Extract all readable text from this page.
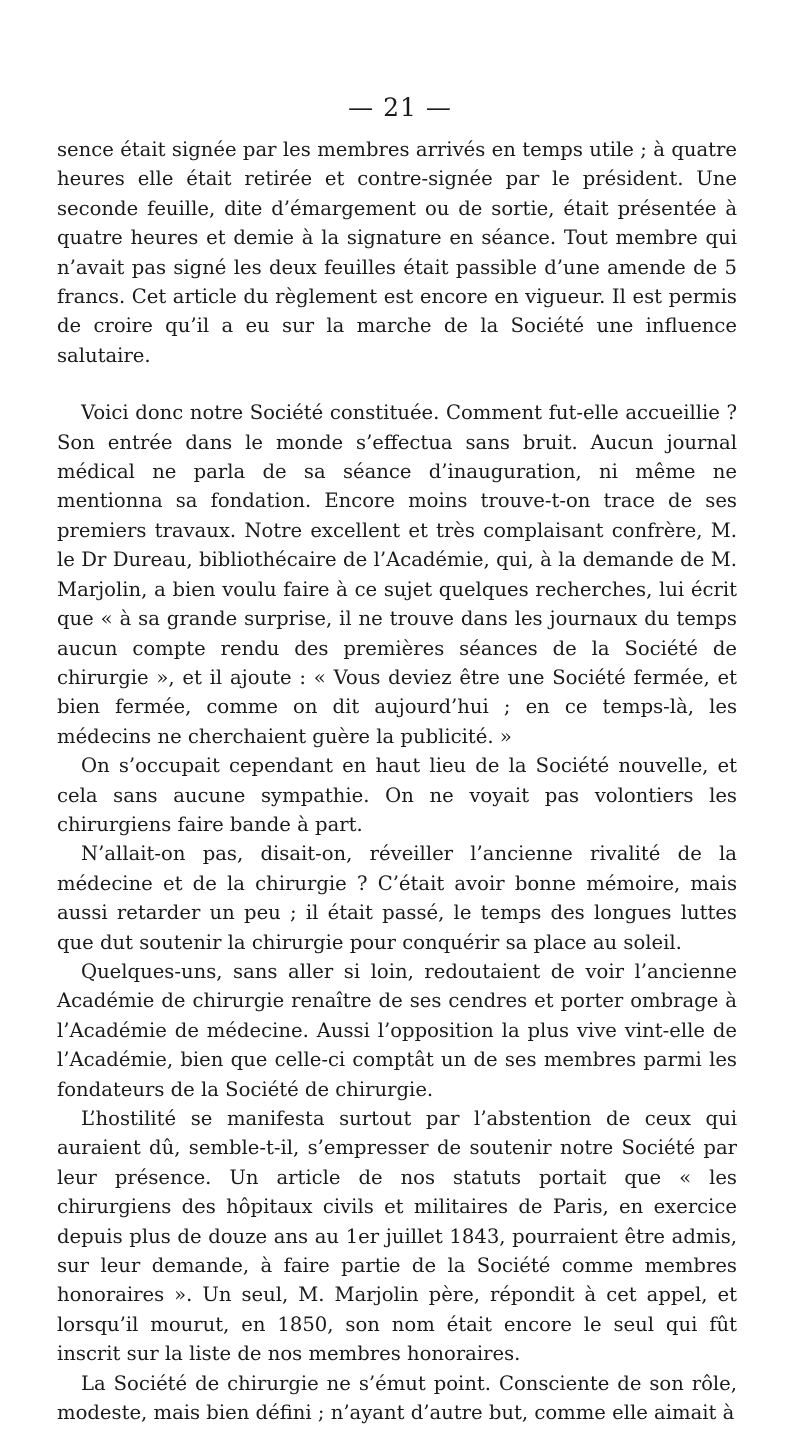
— 21 —

sence était signée par les membres arrivés en temps utile ; à quatre heures elle était retirée et contre-signée par le président. Une seconde feuille, dite d’émargement ou de sortie, était présentée à quatre heures et demie à la signature en séance. Tout membre qui n’avait pas signé les deux feuilles était passible d’une amende de 5 francs. Cet article du règlement est encore en vigueur. Il est permis de croire qu’il a eu sur la marche de la Société une influence salutaire.

Voici donc notre Société constituée. Comment fut-elle accueillie ? Son entrée dans le monde s’effectua sans bruit. Aucun journal médical ne parla de sa séance d’inauguration, ni même ne mentionna sa fondation. Encore moins trouve-t-on trace de ses premiers travaux. Notre excellent et très complaisant confrère, M. le Dr Dureau, bibliothécaire de l’Académie, qui, à la demande de M. Marjolin, a bien voulu faire à ce sujet quelques recherches, lui écrit que « à sa grande surprise, il ne trouve dans les journaux du temps aucun compte rendu des premières séances de la Société de chirurgie », et il ajoute : « Vous deviez être une Société fermée, et bien fermée, comme on dit aujourd’hui ; en ce temps-là, les médecins ne cherchaient guère la publicité. »

On s’occupait cependant en haut lieu de la Société nouvelle, et cela sans aucune sympathie. On ne voyait pas volontiers les chirurgiens faire bande à part.

N’allait-on pas, disait-on, réveiller l’ancienne rivalité de la médecine et de la chirurgie ? C’était avoir bonne mémoire, mais aussi retarder un peu ; il était passé, le temps des longues luttes que dut soutenir la chirurgie pour conquérir sa place au soleil.

Quelques-uns, sans aller si loin, redoutaient de voir l’ancienne Académie de chirurgie renaître de ses cendres et porter ombrage à l’Académie de médecine. Aussi l’opposition la plus vive vint-elle de l’Académie, bien que celle-ci comptât un de ses membres parmi les fondateurs de la Société de chirurgie.

L’hostilité se manifesta surtout par l’abstention de ceux qui auraient dû, semble-t-il, s’empresser de soutenir notre Société par leur présence. Un article de nos statuts portait que « les chirurgiens des hôpitaux civils et militaires de Paris, en exercice depuis plus de douze ans au 1er juillet 1843, pourraient être admis, sur leur demande, à faire partie de la Société comme membres honoraires ». Un seul, M. Marjolin père, répondit à cet appel, et lorsqu’il mourut, en 1850, son nom était encore le seul qui fût inscrit sur la liste de nos membres honoraires.

La Société de chirurgie ne s’émut point. Consciente de son rôle, modeste, mais bien défini ; n’ayant d’autre but, comme elle aimait à
